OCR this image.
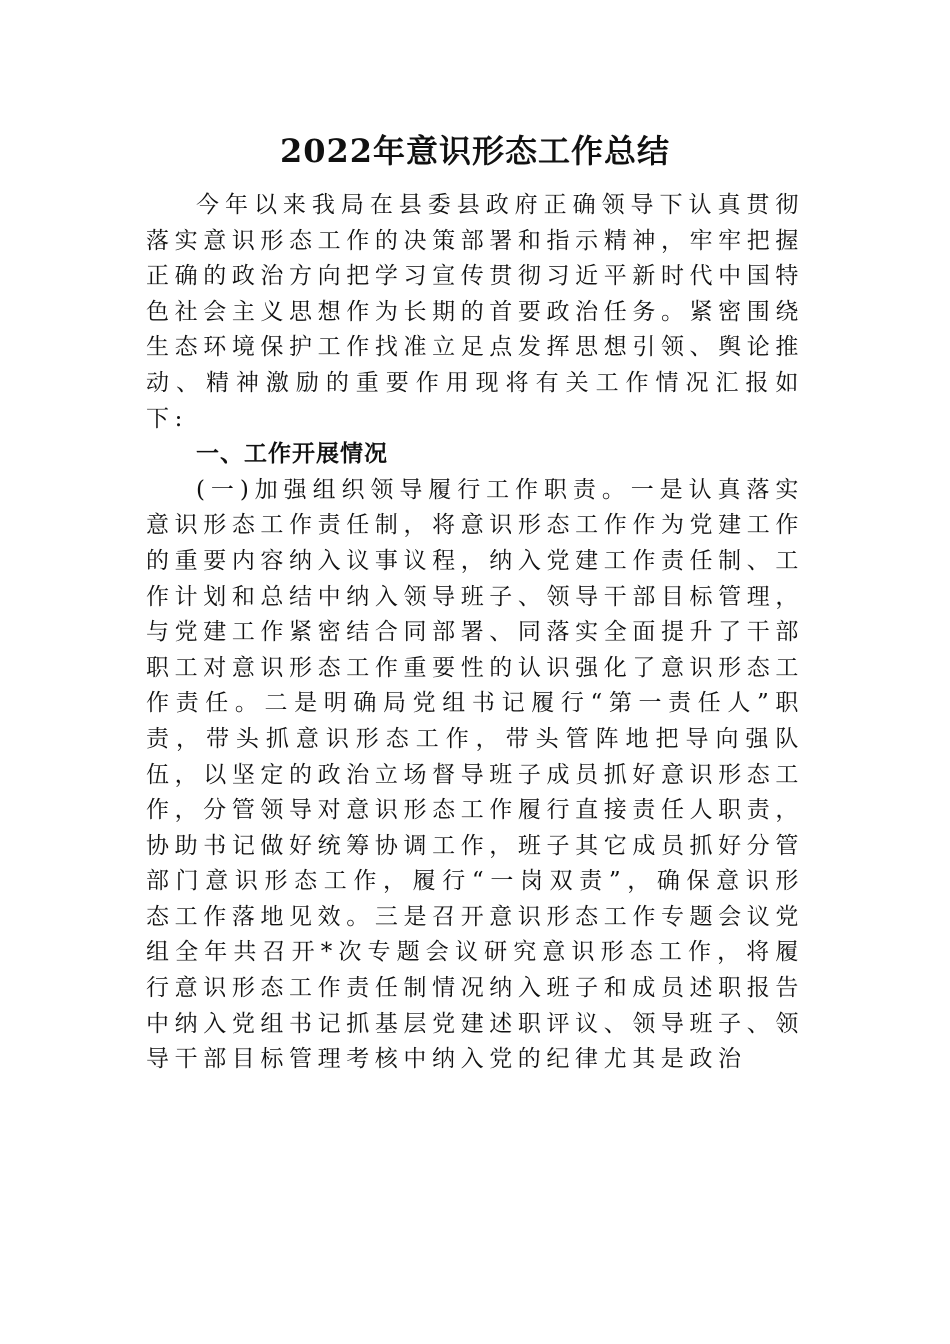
2022年意识形态工作总结

今年以来我局在县委县政府正确领导下认真贯彻落实意识形态工作的决策部署和指示精神，牢牢把握正确的政治方向把学习宣传贯彻习近平新时代中国特色社会主义思想作为长期的首要政治任务。紧密围绕生态环境保护工作找准立足点发挥思想引领、舆论推动、精神激励的重要作用现将有关工作情况汇报如下:

一、工作开展情况

(一)加强组织领导履行工作职责。一是认真落实意识形态工作责任制，将意识形态工作作为党建工作的重要内容纳入议事议程，纳入党建工作责任制、工作计划和总结中纳入领导班子、领导干部目标管理，与党建工作紧密结合同部署、同落实全面提升了干部职工对意识形态工作重要性的认识强化了意识形态工作责任。二是明确局党组书记履行“第一责任人”职责，带头抓意识形态工作，带头管阵地把导向强队伍，以坚定的政治立场督导班子成员抓好意识形态工作，分管领导对意识形态工作履行直接责任人职责，协助书记做好统筹协调工作，班子其它成员抓好分管部门意识形态工作，履行“一岗双责”，确保意识形态工作落地见效。三是召开意识形态工作专题会议党组全年共召开*次专题会议研究意识形态工作，将履行意识形态工作责任制情况纳入班子和成员述职报告中纳入党组书记抓基层党建述职评议、领导班子、领导干部目标管理考核中纳入党的纪律尤其是政治
